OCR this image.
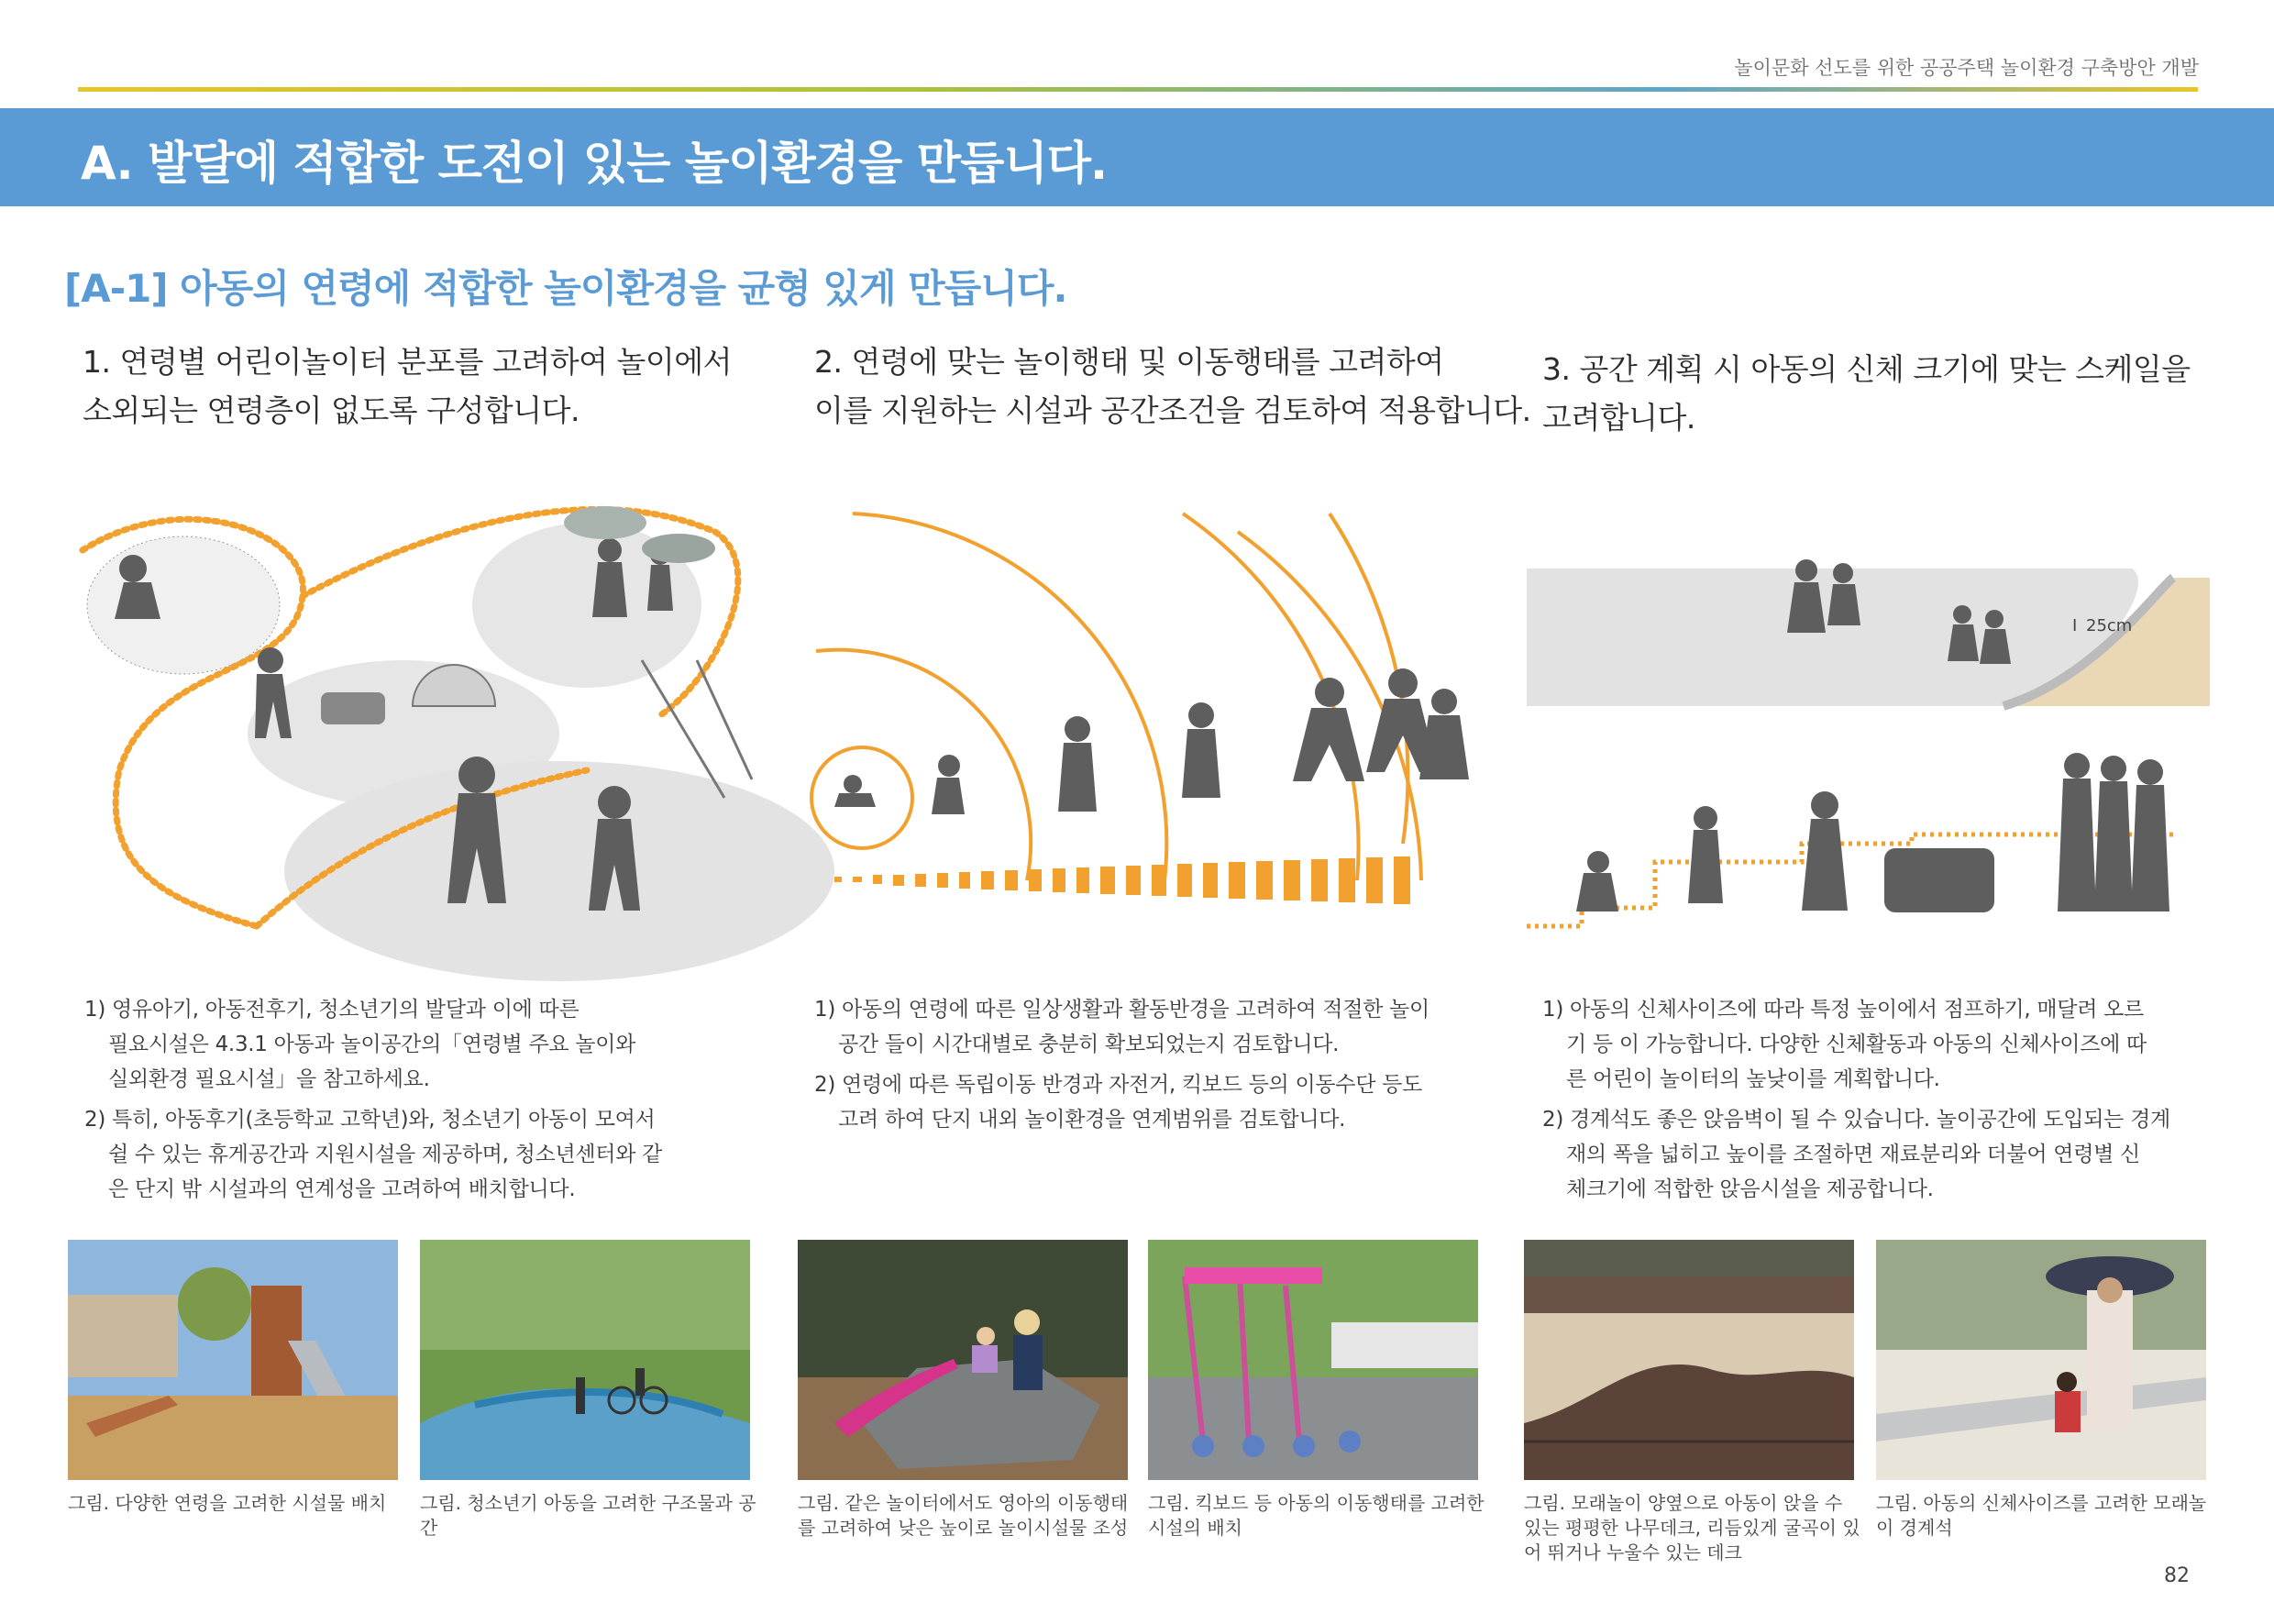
놀이문화 선도를 위한 공공주택 놀이환경 구축방안 개발
A. 발달에 적합한 도전이 있는 놀이환경을 만듭니다.
[A-1] 아동의 연령에 적합한 놀이환경을 균형 있게 만듭니다.
1. 연령별 어린이놀이터 분포를 고려하여 놀이에서
소외되는 연령층이 없도록 구성합니다.
2. 연령에 맞는 놀이행태 및 이동행태를 고려하여
이를 지원하는 시설과 공간조건을 검토하여 적용합니다.
3. 공간 계획 시 아동의 신체 크기에 맞는 스케일을
고려합니다.
I 25cm
1) 영유아기, 아동전후기, 청소년기의 발달과 이에 따른
필요시설은 4.3.1 아동과 놀이공간의「연령별 주요 놀이와
실외환경 필요시설」을 참고하세요.
2) 특히, 아동후기(초등학교 고학년)와, 청소년기 아동이 모여서
쉴 수 있는 휴게공간과 지원시설을 제공하며, 청소년센터와 같
은 단지 밖 시설과의 연계성을 고려하여 배치합니다.
1) 아동의 연령에 따른 일상생활과 활동반경을 고려하여 적절한 놀이
공간 들이 시간대별로 충분히 확보되었는지 검토합니다.
2) 연령에 따른 독립이동 반경과 자전거, 킥보드 등의 이동수단 등도
고려 하여 단지 내외 놀이환경을 연계범위를 검토합니다.
1) 아동의 신체사이즈에 따라 특정 높이에서 점프하기, 매달려 오르
기 등 이 가능합니다. 다양한 신체활동과 아동의 신체사이즈에 따
른 어린이 놀이터의 높낮이를 계획합니다.
2) 경계석도 좋은 앉음벽이 될 수 있습니다. 놀이공간에 도입되는 경계
재의 폭을 넓히고 높이를 조절하면 재료분리와 더불어 연령별 신
체크기에 적합한 앉음시설을 제공합니다.
그림. 다양한 연령을 고려한 시설물 배치	그림. 청소년기 아동을 고려한 구조물과 공간
그림. 같은 놀이터에서도 영아의 이동행태를 고려하여 낮은 높이로 놀이시설물 조성
그림. 킥보드 등 아동의 이동행태를 고려한 시설의 배치
그림. 모래놀이 양옆으로 아동이 앉을 수 있는 평평한 나무데크, 리듬있게 굴곡이 있어 뛰거나 누울수 있는 데크
그림. 아동의 신체사이즈를 고려한 모래놀이 경계석
82
